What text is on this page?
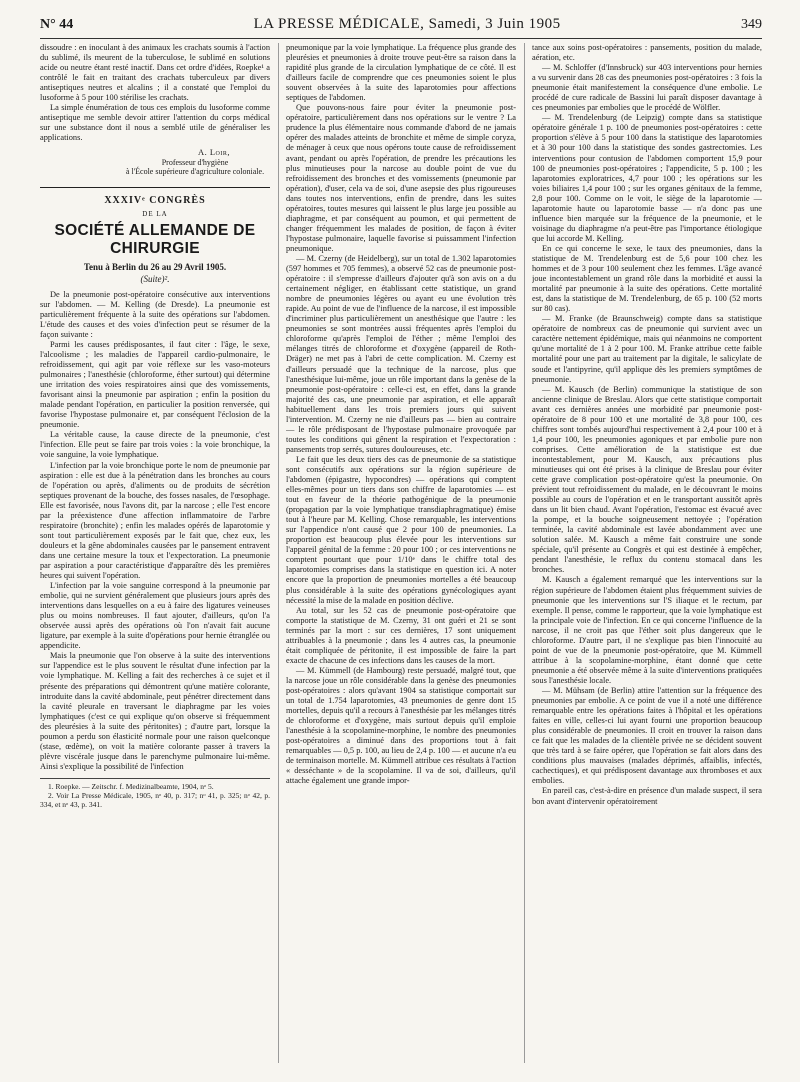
N° 44	LA PRESSE MÉDICALE, Samedi, 3 Juin 1905	349

dissoudre : en inoculant à des animaux les crachats soumis à l'action du sublimé, ils meurent de la tuberculose, le sublimé en solutions acide ou neutre étant resté inactif. Dans cet ordre d'idées, Roepke¹ a contrôlé le fait en traitant des crachats tuberculeux par divers antiseptiques neutres et alcalins ; il a constaté que l'emploi du lusoforme à 5 pour 100 stérilise les crachats.

La simple énumération de tous ces emplois du lusoforme comme antiseptique me semble devoir attirer l'attention du corps médical sur une substance dont il nous a semblé utile de généraliser les applications.

A. Loir,
Professeur d'hygiène
à l'École supérieure d'agriculture coloniale.
XXXIVᵉ CONGRÈS
DE LA
SOCIÉTÉ ALLEMANDE DE CHIRURGIE
Tenu à Berlin du 26 au 29 Avril 1905.
(Suite)².

De la pneumonie post-opératoire consécutive aux interventions sur l'abdomen. — M. Kelling (de Dresde). La pneumonie est particulièrement fréquente à la suite des opérations sur l'abdomen. L'étude des causes et des voies d'infection peut se résumer de la façon suivante :

Parmi les causes prédisposantes, il faut citer : l'âge, le sexe, l'alcoolisme ; les maladies de l'appareil cardio-pulmonaire, le refroidissement, qui agit par voie réflexe sur les vaso-moteurs pulmonaires ; l'anesthésie (chloroforme, éther surtout) qui détermine une irritation des voies respiratoires ainsi que des vomissements, favorisant ainsi la pneumonie par aspiration ; enfin la position du malade pendant l'opération, en particulier la position renversée, qui favorise l'hypostase pulmonaire et, par conséquent l'éclosion de la pneumonie.

La véritable cause, la cause directe de la pneumonie, c'est l'infection. Elle peut se faire par trois voies : la voie bronchique, la voie sanguine, la voie lymphatique.

L'infection par la voie bronchique porte le nom de pneumonie par aspiration : elle est due à la pénétration dans les bronches au cours de l'opération ou après, d'aliments ou de produits de sécrétion septiques provenant de la bouche, des fosses nasales, de l'œsophage. Elle est favorisée, nous l'avons dit, par la narcose ; elle l'est encore par la préexistence d'une affection inflammatoire de l'arbre respiratoire (bronchite) ; enfin les malades opérés de laparotomie y sont tout particulièrement exposés par le fait que, chez eux, les douleurs et la gêne abdominales causées par le pansement entravent dans une certaine mesure la toux et l'expectoration. La pneumonie par aspiration a pour caractéristique d'apparaître dès les premières heures qui suivent l'opération.

L'infection par la voie sanguine correspond à la pneumonie par embolie, qui ne survient généralement que plusieurs jours après des interventions dans lesquelles on a eu à faire des ligatures veineuses plus ou moins nombreuses. Il faut ajouter, d'ailleurs, qu'on l'a observée aussi après des opérations où l'on n'avait fait aucune ligature, par exemple à la suite d'opérations pour hernie étranglée ou appendicite.

Mais la pneumonie que l'on observe à la suite des interventions sur l'appendice est le plus souvent le résultat d'une infection par la voie lymphatique. M. Kelling a fait des recherches à ce sujet et il présente des préparations qui démontrent qu'une matière colorante, introduite dans la cavité abdominale, peut pénétrer directement dans la cavité pleurale en traversant le diaphragme par les voies lymphatiques (c'est ce qui explique qu'on observe si fréquemment des pleurésies à la suite des péritonites) ; d'autre part, lorsque la poumon a perdu son élasticité normale pour une raison quelconque (stase, œdème), on voit la matière colorante passer à travers la plèvre viscérale jusque dans le parenchyme pulmonaire lui-même. Ainsi s'explique la possibilité de l'infection

1. Roepke. — Zeitschr. f. Medizinalbeamte, 1904, nᵒ 5.
2. Voir La Presse Médicale, 1905, nᵒ 40, p. 317; nᵒ 41, p. 325; nᵒ 42, p. 334, et nᵒ 43, p. 341.

pneumonique par la voie lymphatique. La fréquence plus grande des pleurésies et pneumonies à droite trouve peut-être sa raison dans la rapidité plus grande de la circulation lymphatique de ce côté. Il est d'ailleurs facile de comprendre que ces pneumonies soient le plus souvent observées à la suite des laparotomies pour affections septiques de l'abdomen.

Que pouvons-nous faire pour éviter la pneumonie post-opératoire, particulièrement dans nos opérations sur le ventre ? La prudence la plus élémentaire nous commande d'abord de ne jamais opérer des malades atteints de bronchite et même de simple coryza, de ménager à ceux que nous opérons toute cause de refroidissement avant, pendant ou après l'opération, de prendre les précautions les plus minutieuses pour la narcose au double point de vue du refroidissement des bronches et des vomissements (pneumonie par opération), d'user, cela va de soi, d'une asepsie des plus rigoureuses dans toutes nos interventions, enfin de prendre, dans les suites opératoires, toutes mesures qui laissent le plus large jeu possible au diaphragme, et par conséquent au poumon, et qui permettent de changer fréquemment les malades de position, de façon à éviter l'hypostase pulmonaire, laquelle favorise si puissamment l'infection pneumonique.

— M. Czerny (de Heidelberg), sur un total de 1.302 laparotomies (597 hommes et 705 femmes), a observé 52 cas de pneumonie post-opératoire : il s'empresse d'ailleurs d'ajouter qu'à son avis on a du certainement négliger, en établissant cette statistique, un grand nombre de pneumonies légères ou ayant eu une évolution très rapide. Au point de vue de l'influence de la narcose, il est impossible d'incriminer plus particulièrement un anesthésique que l'autre : les pneumonies se sont montrées aussi fréquentes après l'emploi du chloroforme qu'après l'emploi de l'éther ; même l'emploi des mélanges titrés de chloroforme et d'oxygène (appareil de Roth-Dräger) ne met pas à l'abri de cette complication. M. Czerny est d'ailleurs persuadé que la technique de la narcose, plus que l'anesthésique lui-même, joue un rôle important dans la genèse de la pneumonie post-opératoire : celle-ci est, en effet, dans la grande majorité des cas, une pneumonie par aspiration, et elle apparaît habituellement dans les trois premiers jours qui suivent l'intervention. M. Czerny ne nie d'ailleurs pas — bien au contraire — le rôle prédisposant de l'hypostase pulmonaire provoquée par toutes les conditions qui gênent la respiration et l'expectoration : pansements trop serrés, sutures douloureuses, etc.

Le fait que les deux tiers des cas de pneumonie de sa statistique sont consécutifs aux opérations sur la région supérieure de l'abdomen (épigastre, hypocondres) — opérations qui comptent elles-mêmes pour un tiers dans son chiffre de laparotomies — est tout en faveur de la théorie pathogénique de la pneumonie (propagation par la voie lymphatique transdiaphragmatique) émise tout à l'heure par M. Kelling. Chose remarquable, les interventions sur l'appendice n'ont causé que 2 pour 100 de pneumonies. La proportion est beaucoup plus élevée pour les interventions sur l'appareil génital de la femme : 20 pour 100 ; or ces interventions ne comptent pourtant que pour 1/10ᵉ dans le chiffre total des laparotomies comprises dans la statistique en question ici. A noter encore que la proportion de pneumonies mortelles a été beaucoup plus considérable à la suite des opérations gynécologiques ayant nécessité la mise de la malade en position déclive.

Au total, sur les 52 cas de pneumonie post-opératoire que comporte la statistique de M. Czerny, 31 ont guéri et 21 se sont terminés par la mort : sur ces dernières, 17 sont uniquement attribuables à la pneumonie ; dans les 4 autres cas, la pneumonie était compliquée de péritonite, il est impossible de faire la part exacte de chacune de ces infections dans les causes de la mort.

— M. Kümmell (de Hambourg) reste persuadé, malgré tout, que la narcose joue un rôle considérable dans la genèse des pneumonies post-opératoires : alors qu'avant 1904 sa statistique comportait sur un total de 1.754 laparotomies, 43 pneumonies de genre dont 15 mortelles, depuis qu'il a recours à l'anesthésie par les mélanges titrés de chloroforme et d'oxygène, mais surtout depuis qu'il emploie l'anesthésie à la scopolamine-morphine, le nombre des pneumonies post-opératoires a diminué dans des proportions tout à fait remarquables — 0,5 p. 100, au lieu de 2,4 p. 100 — et aucune n'a eu de terminaison mortelle. M. Kümmell attribue ces résultats à l'action « desséchante » de la scopolamine. Il va de soi, d'ailleurs, qu'il attache également une grande impor-

tance aux soins post-opératoires : pansements, position du malade, aération, etc.

— M. Schloffer (d'Innsbruck) sur 403 interventions pour hernies a vu survenir dans 28 cas des pneumonies post-opératoires : 3 fois la pneumonie était manifestement la conséquence d'une embolie. Le procédé de cure radicale de Bassini lui paraît disposer davantage à ces pneumonies par embolies que le procédé de Wölfler.

— M. Trendelenburg (de Leipzig) compte dans sa statistique opératoire générale 1 p. 100 de pneumonies post-opératoires : cette proportion s'élève à 5 pour 100 dans la statistique des laparotomies et à 30 pour 100 dans la statistique des sondes gastrectomies. Les interventions pour contusion de l'abdomen comportent 15,9 pour 100 de pneumonies post-opératoires ; l'appendicite, 5 p. 100 ; les laparotomies exploratrices, 4,7 pour 100 ; les opérations sur les voies biliaires 1,4 pour 100 ; sur les organes génitaux de la femme, 2,8 pour 100. Comme on le voit, le siège de la laparotomie — laparotomie haute ou laparotomie basse — n'a donc pas une influence bien marquée sur la fréquence de la pneumonie, et le voisinage du diaphragme n'a peut-être pas l'importance étiologique que lui accorde M. Kelling.

En ce qui concerne le sexe, le taux des pneumonies, dans la statistique de M. Trendelenburg est de 5,6 pour 100 chez les hommes et de 3 pour 100 seulement chez les femmes. L'âge avancé joue incontestablement un grand rôle dans la morbidité et aussi la mortalité par pneumonie à la suite des opérations. Cette mortalité est, dans la statistique de M. Trendelenburg, de 65 p. 100 (52 morts sur 80 cas).

— M. Franke (de Braunschweig) compte dans sa statistique opératoire de nombreux cas de pneumonie qui survient avec un caractère nettement épidémique, mais qui néanmoins ne comportent qu'une mortalité de 1 à 2 pour 100. M. Franke attribue cette faible mortalité pour une part au traitement par la digitale, le salicylate de soude et l'antipyrine, qu'il applique dès les premiers symptômes de pneumonie.

— M. Kausch (de Berlin) communique la statistique de son ancienne clinique de Breslau. Alors que cette statistique comportait avant ces dernières années une morbidité par pneumonie post-opératoire de 8 pour 100 et une mortalité de 3,8 pour 100, ces chiffres sont tombés aujourd'hui respectivement à 2,4 pour 100 et à 1,4 pour 100, les pneumonies agoniques et par embolie pure non comprises. Cette amélioration de la statistique est due incontestablement, pour M. Kausch, aux précautions plus minutieuses qui ont été prises à la clinique de Breslau pour éviter cette grave complication post-opératoire qu'est la pneumonie. On prévient tout refroidissement du malade, en le découvrant le moins possible au cours de l'opération et en le transportant aussitôt après dans un lit bien chaud. Avant l'opération, l'estomac est évacué avec la pompe, et la bouche soigneusement nettoyée ; l'opération terminée, la cavité abdominale est lavée abondamment avec une solution salée. M. Kausch a même fait construire une sonde spéciale, qu'il présente au Congrès et qui est destinée à empêcher, pendant l'anesthésie, le reflux du contenu stomacal dans les bronches.

M. Kausch a également remarqué que les interventions sur la région supérieure de l'abdomen étaient plus fréquemment suivies de pneumonie que les interventions sur l'S iliaque et le rectum, par exemple. Il pense, comme le rapporteur, que la voie lymphatique est la principale voie de l'infection. En ce qui concerne l'influence de la narcose, il ne croit pas que l'éther soit plus dangereux que le chloroforme. D'autre part, il ne s'explique pas bien l'innocuité au point de vue de la pneumonie post-opératoire, que M. Kümmell attribue à la scopolamine-morphine, étant donné que cette pneumonie a été observée même à la suite d'interventions pratiquées sous l'anesthésie locale.

— M. Mühsam (de Berlin) attire l'attention sur la fréquence des pneumonies par embolie. A ce point de vue il a noté une différence remarquable entre les opérations faites à l'hôpital et les opérations faites en ville, celles-ci lui ayant fourni une proportion beaucoup plus considérable de pneumonies. Il croit en trouver la raison dans ce fait que les malades de la clientèle privée ne se décident souvent que très tard à se faire opérer, que l'opération se fait alors dans des conditions plus mauvaises (malades déprimés, affaiblis, infectés, cachectiques), et qui prédisposent davantage aux thromboses et aux embolies.

En pareil cas, c'est-à-dire en présence d'un malade suspect, il sera bon avant d'intervenir opératoirement
